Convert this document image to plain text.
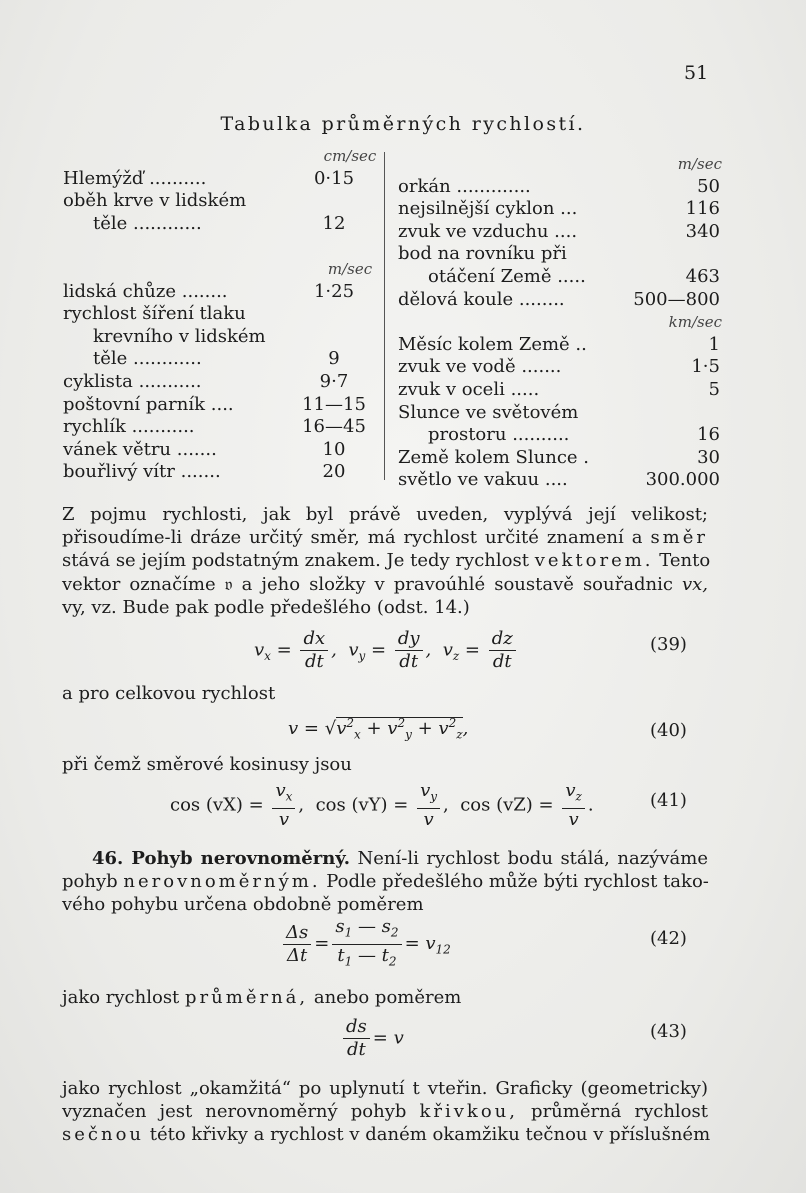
51
Tabulka průměrných rychlostí.
cm/sec
Hlemýžď ..........	0·15
oběh krve v lidském
těle ............	12
m/sec
lidská chůze ........	1·25
rychlost šíření tlaku
krevního v lidském
těle ............	9
cyklista ...........	9·7
poštovní parník ....	11—15
rychlík ...........	16—45
vánek větru .......	10
bouřlivý vítr .......	20
m/sec
orkán .............	50
nejsilnější cyklon ...	116
zvuk ve vzduchu ....	340
bod na rovníku při
otáčení Země .....	463
dělová koule ........	500—800
km/sec
Měsíc kolem Země ..	1
zvuk ve vodě .......	1·5
zvuk v oceli .....	5
Slunce ve světovém
prostoru ..........	16
Země kolem Slunce .	30
světlo ve vakuu ....	300.000
Z pojmu rychlosti, jak byl právě uveden, vyplývá její velikost;
přisoudíme-li dráze určitý směr, má rychlost určité znamení a směr
stává se jejím podstatným znakem. Je tedy rychlost vektorem. Tento
vektor označíme 𝔳 a jeho složky v pravoúhlé soustavě souřadnic vx,
vy, vz. Bude pak podle předešlého (odst. 14.)
$v_x = \frac{dx}{dt}$ ,  $v_y = \frac{dy}{dt}$ ,  $v_z = \frac{dz}{dt}$	(39)
a pro celkovou rychlost
$v = √v^2_x + v^2_y + v^2_z$,	(40)
při čemž směrové kosinusy jsou
$\cos (vX) = \frac{v_x}{v}$ ,  $\cos (vY) = \frac{v_y}{v}$ ,  $\cos (vZ) = \frac{v_z}{v}$ .	(41)
46. Pohyb nerovnoměrný. Není-li rychlost bodu stálá, nazýváme
pohyb nerovnoměrným. Podle předešlého může býti rychlost tako-
vého pohybu určena obdobně poměrem
$\frac{\Delta s}{\Delta t} = \frac{s_1 — s_2}{t_1 — t_2} = v_{12}$
(42)
jako rychlost průměrná, anebo poměrem
$\frac{ds}{dt} = v$	(43)
jako rychlost „okamžitá“ po uplynutí t vteřin. Graficky (geometricky)
vyznačen jest nerovnoměrný pohyb křivkou, průměrná rychlost
sečnou této křivky a rychlost v daném okamžiku tečnou v příslušném
